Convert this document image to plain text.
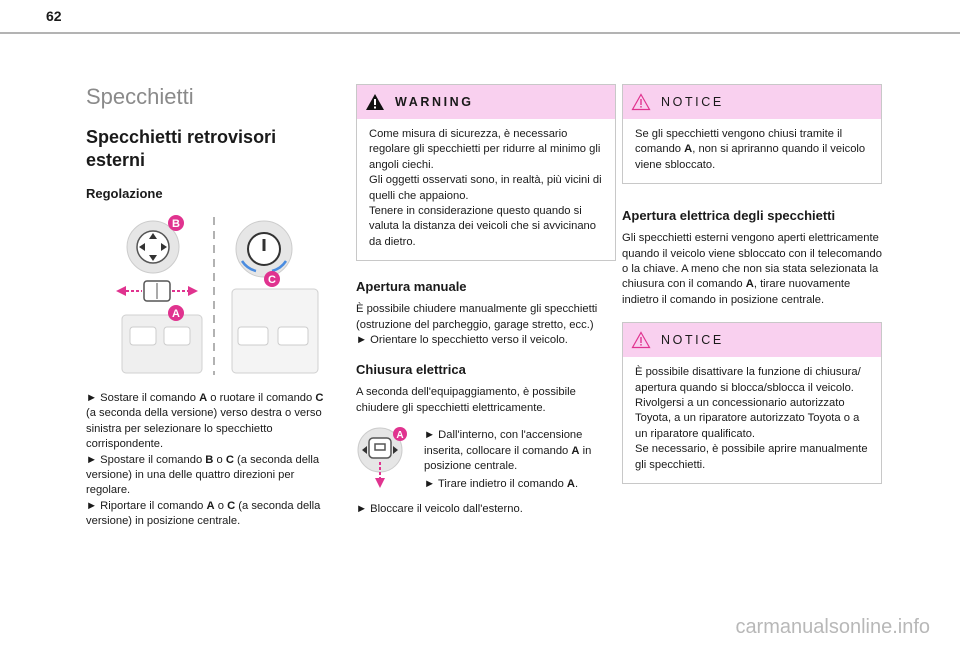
62
Specchietti
Specchietti retrovisori esterni
Regolazione
B
A
C

► Sostare il comando A o ruotare il comando C (a seconda della versione) verso destra o verso sinistra per selezionare lo specchietto corrispondente.

► Spostare il comando B o C (a seconda della versione) in una delle quattro direzioni per regolare.

► Riportare il comando A o C (a seconda della versione) in posizione centrale.

WARNING
Come misura di sicurezza, è necessario regolare gli specchietti per ridurre al minimo gli angoli ciechi.
Gli oggetti osservati sono, in realtà, più vicini di quelli che appaiono.
Tenere in considerazione questo quando si valuta la distanza dei veicoli che si avvicinano da dietro.
Apertura manuale

È possibile chiudere manualmente gli specchietti (ostruzione del parcheggio, garage stretto, ecc.)
► Orientare lo specchietto verso il veicolo.

Chiusura elettrica

A seconda dell'equipaggiamento, è possibile chiudere gli specchietti elettricamente.

A ► Dall'interno, con l'accensione inserita, collocare il comando A in posizione centrale.

► Tirare indietro il comando A.

► Bloccare il veicolo dall'esterno.

NOTICE
Se gli specchietti vengono chiusi tramite il comando A, non si apriranno quando il veicolo viene sbloccato.
Apertura elettrica degli specchietti

Gli specchietti esterni vengono aperti elettricamente quando il veicolo viene sbloccato con il telecomando o la chiave. A meno che non sia stata selezionata la chiusura con il comando A, tirare nuovamente indietro il comando in posizione centrale.

NOTICE
È possibile disattivare la funzione di chiusura/ apertura quando si blocca/sblocca il veicolo.
Rivolgersi a un concessionario autorizzato Toyota, a un riparatore autorizzato Toyota o a un riparatore qualificato.
Se necessario, è possibile aprire manualmente gli specchietti.
carmanualsonline.info
